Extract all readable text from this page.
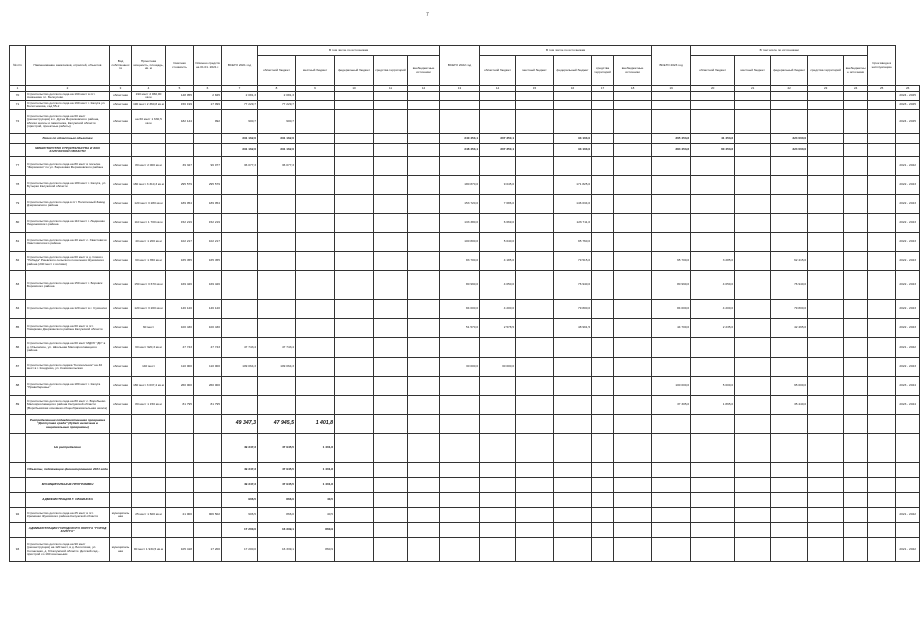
7
№ п/п	Наименование заказчиков, отраслей, объектов	Вид собственности	Проектная мощность, площадь, кв. м	Сметная стоимость	Освоено средств на 01.01. 2021 г.	ВСЕГО 2021 год	В том числе по источникам					ВСЕГО 2022 год	В том числе по источникам					ВСЕГО 2023 год	В том числе по источникам					Срок ввода в эксплуатацию	
							областной бюджет	местный бюджет	федеральный бюджет	средства территорий	внебюджетные источники		областной бюджет	местный бюджет	федеральный бюджет	средства территорий	внебюджетные источники		областной бюджет	местный бюджет	федеральный бюджет	средства территорий	внебюджетные источники		
1	2	3	4	5	6	7	8	9	10	11	12	13	14	15	16	17	18	19	20	21	22	23	24	25	26
70	Строительство детского сада на 190 мест в пгт. Аникеевке г.п. Белоусово	областная	190 мест 2 060,00 кв.м	148 055	2 845	2 081,3	2 081,3																		2024 - 2025
71	Строительство детского сада на 190 мест г. Калуга ул. Болотникова, сад 55-2	областная	190 мест 2 360,8 кв.м	156 199	17 099	77 229,7	77 229,7																		2023 - 2025
72	Строительство детского сада на 60 мест (реконструкция) в п. Дугна Ферзиковского района, вблизи школы и памятника, Калужской области (пристрой, проектные работы)	областная	на 60 мест 1 630,5 кв.м	182 144	992	900,7	900,7																		2024 - 2025
	Всего по областным объектам					331 162,6	331 162,6					340 453,1	307 350,1		33 103,0			365 453,6	41 453,6		324 000,0				
	МИНИСТЕРСТВО СТРОИТЕЛЬСТВА И ЖКХ КАЛУЖСКОЙ ОБЛАСТИ					331 162,6	331 162,6					348 453,1	307 350,1		33 103,0			384 453,6	60 453,6		324 000,0				
77	Строительство детского сада на 80 мест в поселке "Ферзиково" по ул. Березовая Ферзиковского района	областная	80 мест 2 000 кв.м	39 327	96 077	36 077,3	36 077,3																		2021 - 2022
78	Строительство детского сада на 180 мест г. Калуга, ул. Бутырки Калужской области	областная	180 мест 3 310,3 кв.м	295 579	295 579							180 870,0	9 045,0		171 825,0										2022 - 2023
79	Строительство детского сада в пгт Полотняный Завод Дзержинского района	областная	120 мест 3 280 кв.м	189 054	189 054							153 720,0	7 686,0		146 034,0										2022 - 2023
80	Строительство детского сада на 110 мест г. Людиново Людиновского района	областная	110 мест 1 700 кв.м	152 219	152 219							133 380,0	6 669,0		126 711,0										2022 - 2023
81	Строительство детского сада на 40 мест с. Хвастовичи Хвастовичского района	областная	40 мест 1 200 кв.м	102 217	102 217							100 800,0	5 040,0		95 760,0										2022 - 2023
82	Строительство детского сада на 60 мест в д. Совхоз "Победа" Ржевского сельского поселения Жуковского района (240 мест с яслями)	областная	60 мест 1 350 кв.м	165 455	165 455							83 700,0	4 185,0		79 515,0			65 700,0	3 285,0		62 415,0				2022 - 2023
83	Строительство детского сада на 150 мест г. Боровск Боровского района	областная	150 мест 3 670 кв.м	169 426	169 426							80 990,0	4 050,0		76 940,0			80 990,0	4 050,0		76 940,0				2022 - 2023
84	Строительство детского сада на 120 мест в г. Сухиничи	областная	120 мест 3 200 кв.м	146 120	146 120							84 000,0	4 200,0		79 800,0			84 000,0	4 200,0		79 800,0				2022 - 2023
85	Строительство детского сада на 60 мест в пгт. Товарково Дзержинского района Калужской области	областная	60 мест	100 430	100 430							51 570,0	2 578,5		48 991,5			44 700,0	2 235,0		42 465,0				2022 - 2023
86	Строительство детского сада на 60 мест МДОУ "ДС" в д. Ильинское, ул. Школьная Малоярославецкого района	областная	60 мест 920,3 кв.м	47 743	47 743	47 743,4	47 743,4																		2021 - 2022
87	Строительство детского садика "Колокольчик" на 40 мест в г. Кондрово, ул. Комсомольская	областная	140 мест	110 000	110 000	109 064,3	109 064,3					30 000,0	30 000,0												2022 - 2023
88	Строительство детского сада на 180 мест г. Калуга "Правобережье"	областная	180 мест 3 037,4 кв.м	260 000	260 000													100 000,0	5 000,0		95 000,0				2023 - 2024
89	Строительство детского сада на 80 мест с. Воробьево Малоярославецкого района Калужской области (Воробьевская основная общеобразовательная школа)	областная	80 мест 1 150 кв.м	81 795	81 795													37 305,0	1 865,0		35 440,0				2023 - 2024
	Распределенная подведомственная программа "Доступная среда" (будет включена в национальные программы)					49 347,3	47 945,5	1 401,8																	
	Не распределено					49 347,3	47 945,5	1 401,8																	
	Объекты, подлежащие финансированию 2021 года					49 347,3	47 945,5	1 401,8																	
	МУНИЦИПАЛЬНЫЕ ПРОГРАММЫ					49 347,3	47 945,5	1 401,8																	
	АДМИНИСТРАЦИЯ Г. ОБНИНСКА					906,5	866,0	40,5																	
92	Строительство детского сада на 25 мест в пгт. Кремёнки Жуковского района Калужской области	муниципальная	25 мест 1 600 кв.м	21 000	906 502	906,5	866,0	40,5																	2021 - 2022
	АДМИНИСТРАЦИЯ ГОРОДСКОГО ОКРУГА "ГОРОД КАЛУГА"					17 200,0	16 339,1	860,9																	
93	Строительство детского сада на 90 мест (реконструкция) на 120 мест, в д. Болотская, ул. Солнечная, д. 9 Калужской области. Детский сад - пристрой со 190 ясельными	муниципальная	90 мест 1 934,5 кв.м	105 418	17 200	17 200,0	16 339,1	860,9																	2021 - 2022
